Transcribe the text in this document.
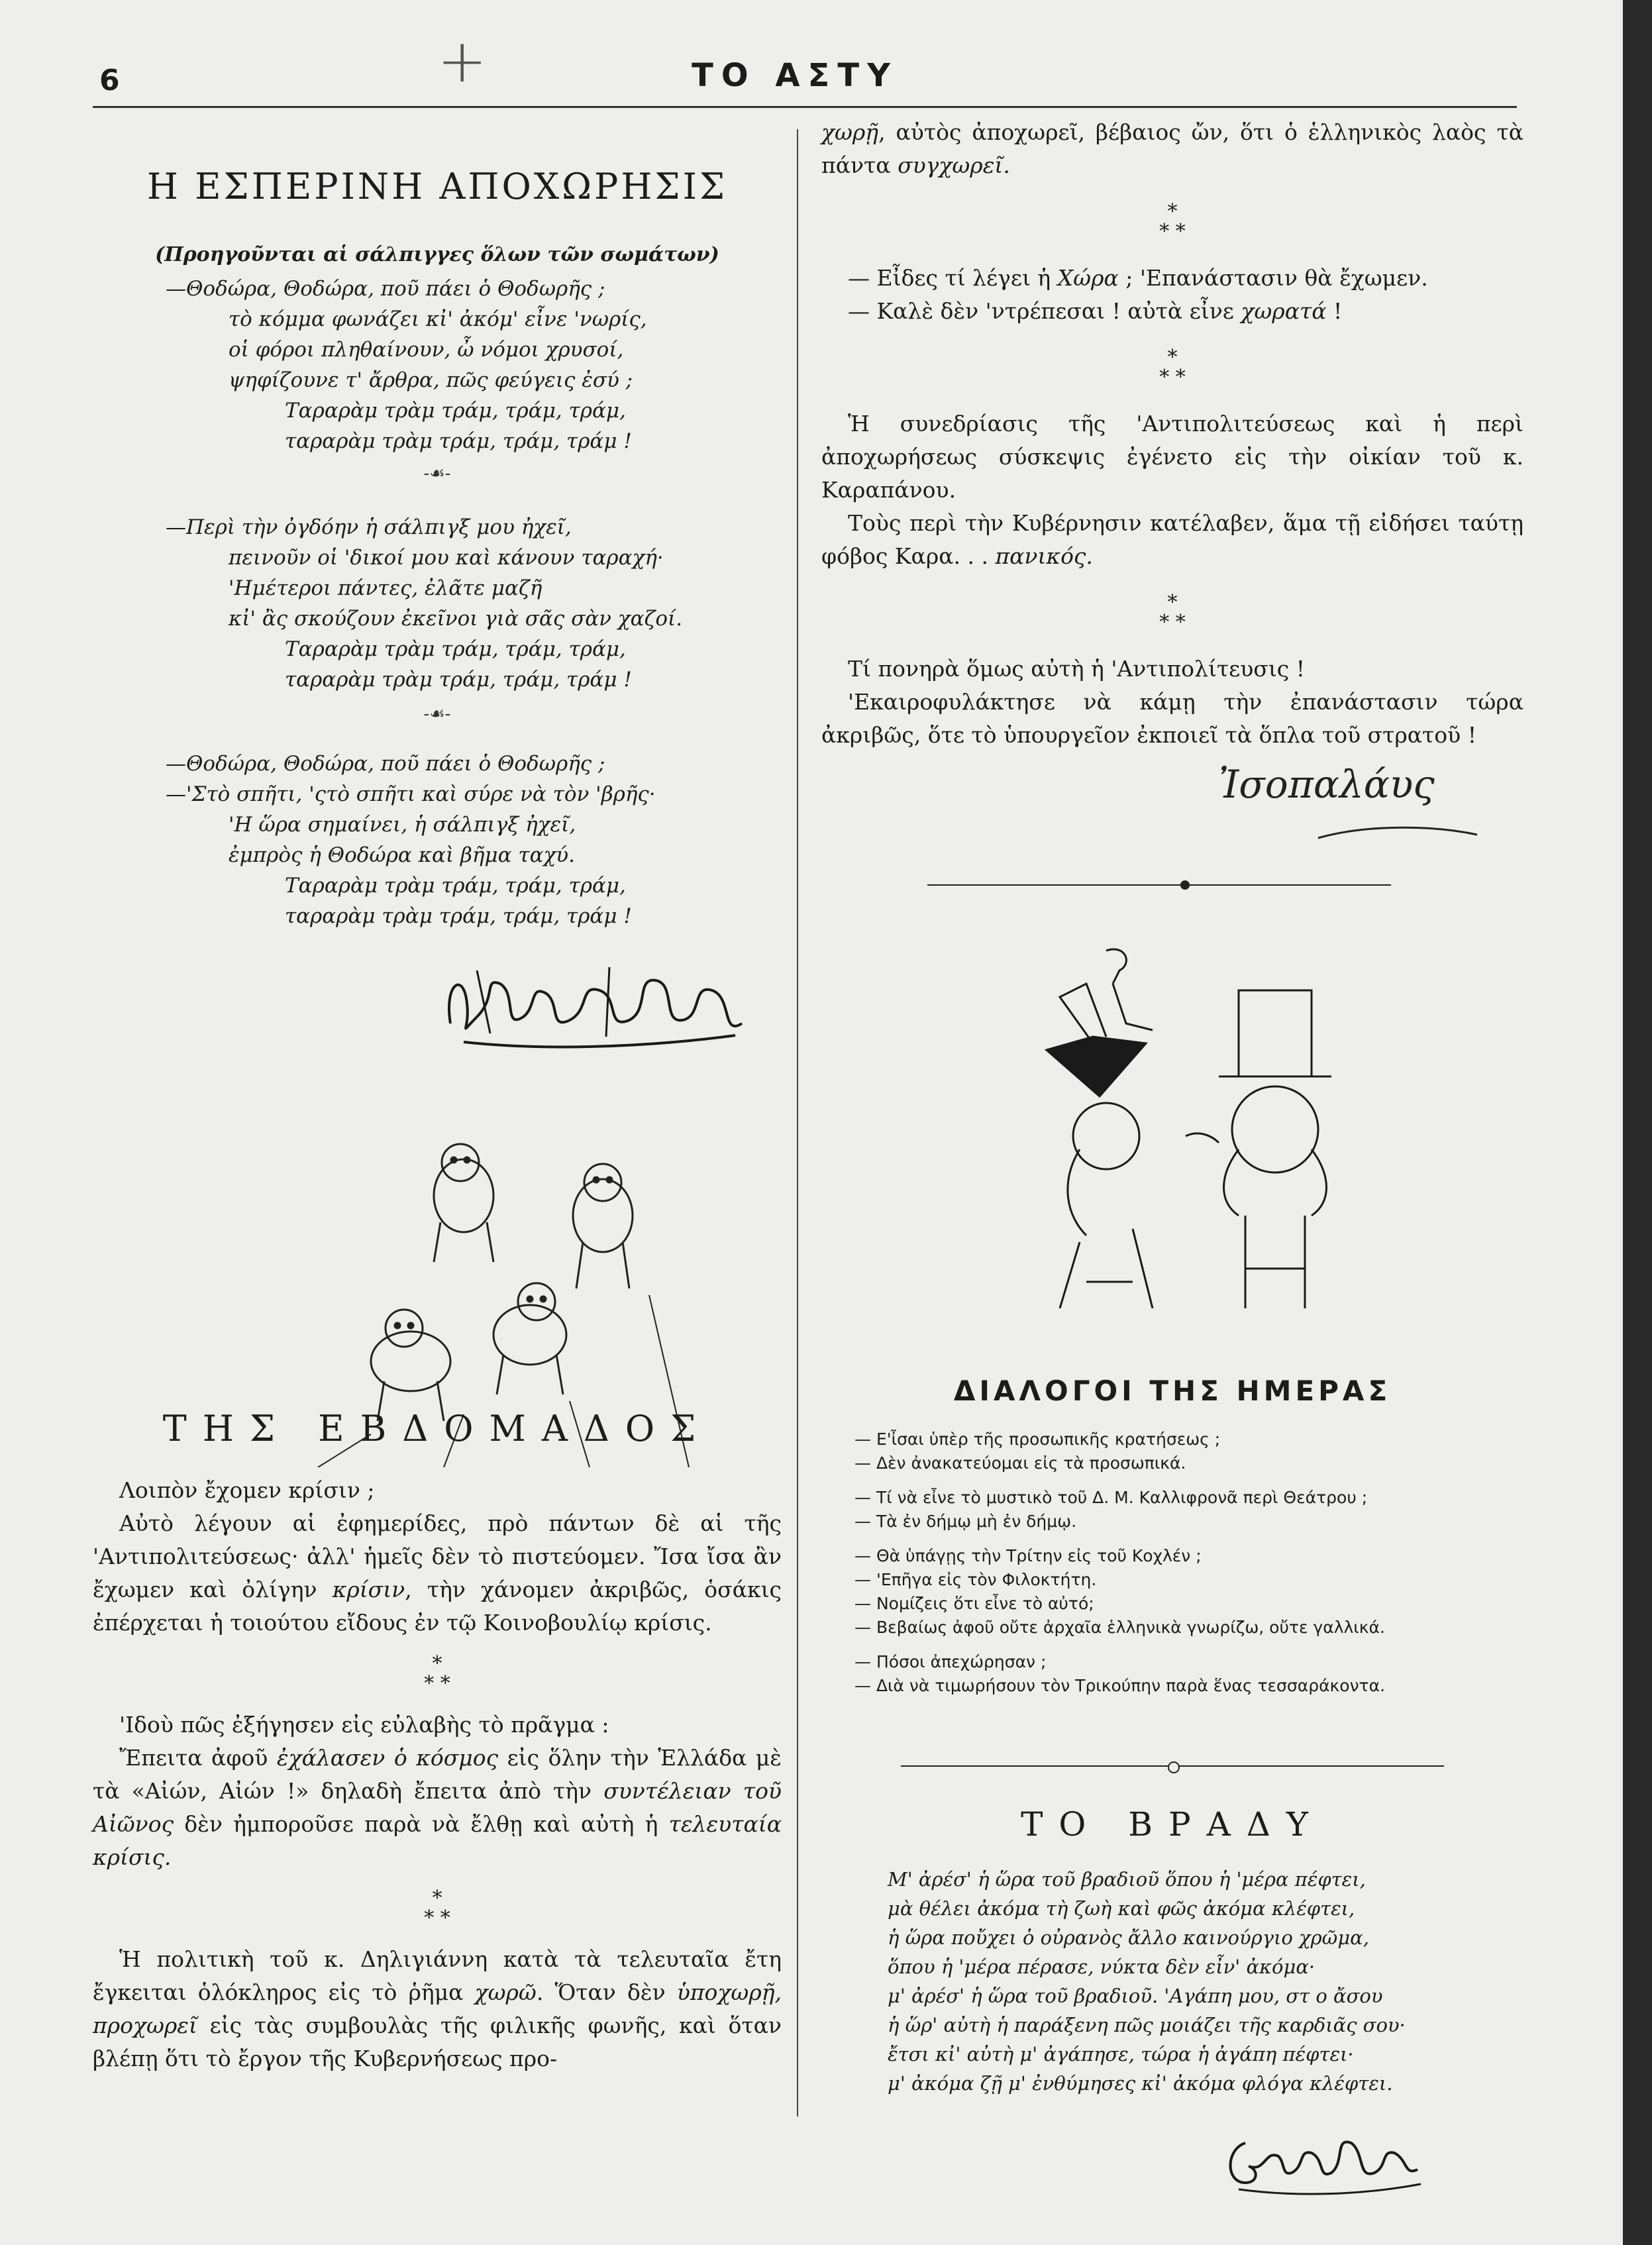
6	+	ΤΟ ΑΣΤΥ
Η ΕΣΠΕΡΙΝΗ ΑΠΟΧΩΡΗΣΙΣ
(Προηγοῦνται αἱ σάλπιγγες ὅλων τῶν σωμάτων)
—Θοδώρα, Θοδώρα, ποῦ πάει ὁ Θοδωρῆς ;
τὸ κόμμα φωνάζει κἰ' ἀκόμ' εἶνε 'νωρίς,
οἱ φόροι πληθαίνουν, ὦ νόμοι χρυσοί,
ψηφίζουνε τ' ἄρθρα, πῶς φεύγεις ἐσύ ;
Ταραρὰμ τρὰμ τράμ, τράμ, τράμ,
ταραρὰμ τρὰμ τράμ, τράμ, τράμ !
-☙-
—Περὶ τὴν ὀγδόην ἡ σάλπιγξ μου ἠχεῖ,
πεινοῦν οἱ 'δικοί μου καὶ κάνουν ταραχή·
'Ημέτεροι πάντες, ἐλᾶτε μαζῆ
κἰ' ἂς σκούζουν ἐκεῖνοι γιὰ σᾶς σὰν χαζοί.
Ταραρὰμ τρὰμ τράμ, τράμ, τράμ,
ταραρὰμ τρὰμ τράμ, τράμ, τράμ !
-☙-
—Θοδώρα, Θοδώρα, ποῦ πάει ὁ Θοδωρῆς ;
—'Στὸ σπῆτι, 'ςτὸ σπῆτι καὶ σύρε νὰ τὸν 'βρῆς·
'Η ὥρα σημαίνει, ἡ σάλπιγξ ἠχεῖ,
ἐμπρὸς ἡ Θοδώρα καὶ βῆμα ταχύ.
Ταραρὰμ τρὰμ τράμ, τράμ, τράμ,
ταραρὰμ τρὰμ τράμ, τράμ, τράμ !
ΤΗΣ ΕΒΔΟΜΑΔΟΣ

Λοιπὸν ἔχομεν κρίσιν ;

Αὐτὸ λέγουν αἱ ἐφημερίδες, πρὸ πάντων δὲ αἱ τῆς 'Αντιπολιτεύσεως· ἀλλ' ἡμεῖς δὲν τὸ πιστεύομεν. Ἴσα ἴσα ἂν ἔχωμεν καὶ ὀλίγην κρίσιν, τὴν χάνομεν ἀκριβῶς, ὁσάκις ἐπέρχεται ἡ τοιούτου εἴδους ἐν τῷ Κοινοβουλίῳ κρίσις.

*
* *

'Ιδοὺ πῶς ἐξήγησεν εἰς εὐλαβὴς τὸ πρᾶγμα :

Ἔπειτα ἀφοῦ ἐχάλασεν ὁ κόσμος εἰς ὅλην τὴν Ἑλλάδα μὲ τὰ «Αἰών, Αἰών !» δηλαδὴ ἔπειτα ἀπὸ τὴν συντέλειαν τοῦ Αἰῶνος δὲν ἠμποροῦσε παρὰ νὰ ἔλθῃ καὶ αὐτὴ ἡ τελευταία κρίσις.

*
* *

Ἡ πολιτικὴ τοῦ κ. Δηλιγιάννη κατὰ τὰ τελευταῖα ἔτη ἔγκειται ὁλόκληρος εἰς τὸ ῥῆμα χωρῶ. Ὅταν δὲν ὑποχωρῇ, προχωρεῖ εἰς τὰς συμβουλὰς τῆς φιλικῆς φωνῆς, καὶ ὅταν βλέπῃ ὅτι τὸ ἔργον τῆς Κυβερνήσεως προ-

χωρῇ, αὐτὸς ἀποχωρεῖ, βέβαιος ὤν, ὅτι ὁ ἑλληνικὸς λαὸς τὰ πάντα συγχωρεῖ.

*
* *

— Εἶδες τί λέγει ἡ Χώρα ; 'Επανάστασιν θὰ ἔχωμεν.

— Καλὲ δὲν 'ντρέπεσαι ! αὐτὰ εἶνε χωρατά !

*
* *

Ἡ συνεδρίασις τῆς 'Αντιπολιτεύσεως καὶ ἡ περὶ ἀποχωρήσεως σύσκεψις ἐγένετο εἰς τὴν οἰκίαν τοῦ κ. Καραπάνου.

Τοὺς περὶ τὴν Κυβέρνησιν κατέλαβεν, ἅμα τῇ εἰδήσει ταύτῃ φόβος Καρα. . . πανικός.

*
* *

Τί πονηρὰ ὅμως αὐτὴ ἡ 'Αντιπολίτευσις !

'Εκαιροφυλάκτησε νὰ κάμῃ τὴν ἐπανάστασιν τώρα ἀκριβῶς, ὅτε τὸ ὑπουργεῖον ἐκποιεῖ τὰ ὅπλα τοῦ στρατοῦ !

Ἰσοπαλάυς
ΔΙΑΛΟΓΟΙ ΤΗΣ ΗΜΕΡΑΣ
— Ε'ἶσαι ὑπὲρ τῆς προσωπικῆς κρατήσεως ;
— Δὲν ἀνακατεύομαι εἰς τὰ προσωπικά.
— Τί νὰ εἶνε τὸ μυστικὸ τοῦ Δ. Μ. Καλλιφρονᾶ περὶ Θεάτρου ;
— Τὰ ἐν δήμῳ μὴ ἐν δήμῳ.
— Θὰ ὑπάγῃς τὴν Τρίτην εἰς τοῦ Κοχλέν ;
— 'Επῆγα εἰς τὸν Φιλοκτήτη.
— Νομίζεις ὅτι εἶνε τὸ αὐτό;
— Βεβαίως ἀφοῦ οὔτε ἀρχαῖα ἑλληνικὰ γνωρίζω, οὔτε γαλλικά.
— Πόσοι ἀπεχώρησαν ;
— Διὰ νὰ τιμωρήσουν τὸν Τρικούπην παρὰ ἕνας τεσσαράκοντα.
ΤΟ ΒΡΑΔΥ
Μ' ἀρέσ' ἡ ὥρα τοῦ βραδιοῦ ὅπου ἡ 'μέρα πέφτει,
μὰ θέλει ἀκόμα τὴ ζωὴ καὶ φῶς ἀκόμα κλέφτει,
ἡ ὥρα ποὔχει ὁ οὐρανὸς ἄλλο καινούργιο χρῶμα,
ὅπου ἡ 'μέρα πέρασε, νύκτα δὲν εἶν' ἀκόμα·
μ' ἀρέσ' ἡ ὥρα τοῦ βραδιοῦ. 'Αγάπη μου, στ ο ἄσου
ἡ ὥρ' αὐτὴ ἡ παράξενη πῶς μοιάζει τῆς καρδιᾶς σου·
ἔτσι κἰ' αὐτὴ μ' ἀγάπησε, τώρα ἡ ἀγάπη πέφτει·
μ' ἀκόμα ζῇ μ' ἐνθύμησες κἰ' ἀκόμα φλόγα κλέφτει.
